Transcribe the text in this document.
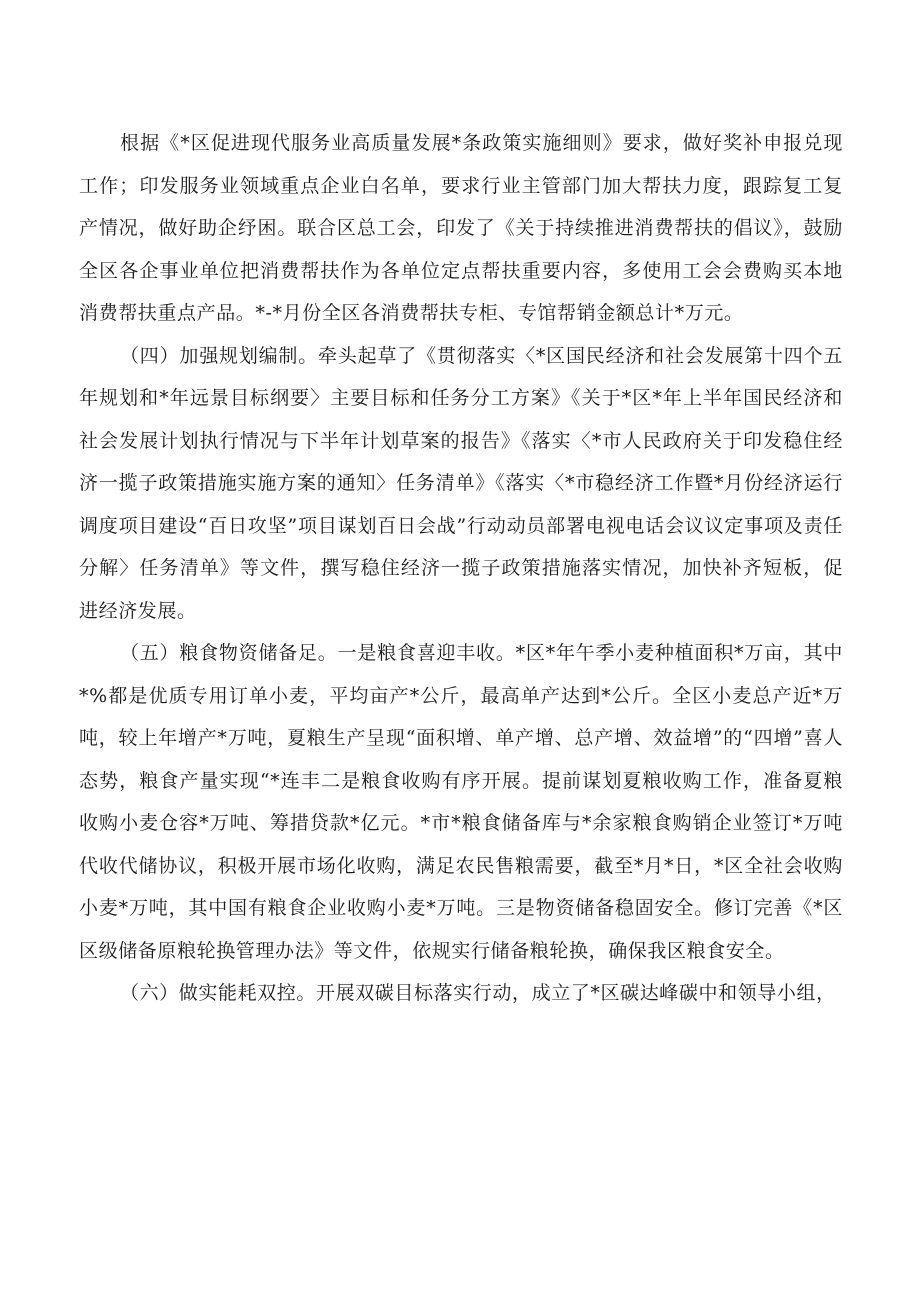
根据《*区促进现代服务业高质量发展*条政策实施细则》要求，做好奖补申报兑现工作；印发服务业领域重点企业白名单，要求行业主管部门加大帮扶力度，跟踪复工复产情况，做好助企纾困。联合区总工会，印发了《关于持续推进消费帮扶的倡议》，鼓励全区各企事业单位把消费帮扶作为各单位定点帮扶重要内容，多使用工会会费购买本地消费帮扶重点产品。*-*月份全区各消费帮扶专柜、专馆帮销金额总计*万元。

（四）加强规划编制。牵头起草了《贯彻落实〈*区国民经济和社会发展第十四个五年规划和*年远景目标纲要〉主要目标和任务分工方案》《关于*区*年上半年国民经济和社会发展计划执行情况与下半年计划草案的报告》《落实〈*市人民政府关于印发稳住经济一揽子政策措施实施方案的通知〉任务清单》《落实〈*市稳经济工作暨*月份经济运行调度项目建设“百日攻坚”项目谋划百日会战”行动动员部署电视电话会议议定事项及责任分解〉任务清单》等文件，撰写稳住经济一揽子政策措施落实情况，加快补齐短板，促进经济发展。

（五）粮食物资储备足。一是粮食喜迎丰收。*区*年午季小麦种植面积*万亩，其中*%都是优质专用订单小麦，平均亩产*公斤，最高单产达到*公斤。全区小麦总产近*万吨，较上年增产*万吨，夏粮生产呈现“面积增、单产增、总产增、效益增”的“四增”喜人态势，粮食产量实现“*连丰二是粮食收购有序开展。提前谋划夏粮收购工作，准备夏粮收购小麦仓容*万吨、筹措贷款*亿元。*市*粮食储备库与*余家粮食购销企业签订*万吨代收代储协议，积极开展市场化收购，满足农民售粮需要，截至*月*日，*区全社会收购小麦*万吨，其中国有粮食企业收购小麦*万吨。三是物资储备稳固安全。修订完善《*区区级储备原粮轮换管理办法》等文件，依规实行储备粮轮换，确保我区粮食安全。

（六）做实能耗双控。开展双碳目标落实行动，成立了*区碳达峰碳中和领导小组，
